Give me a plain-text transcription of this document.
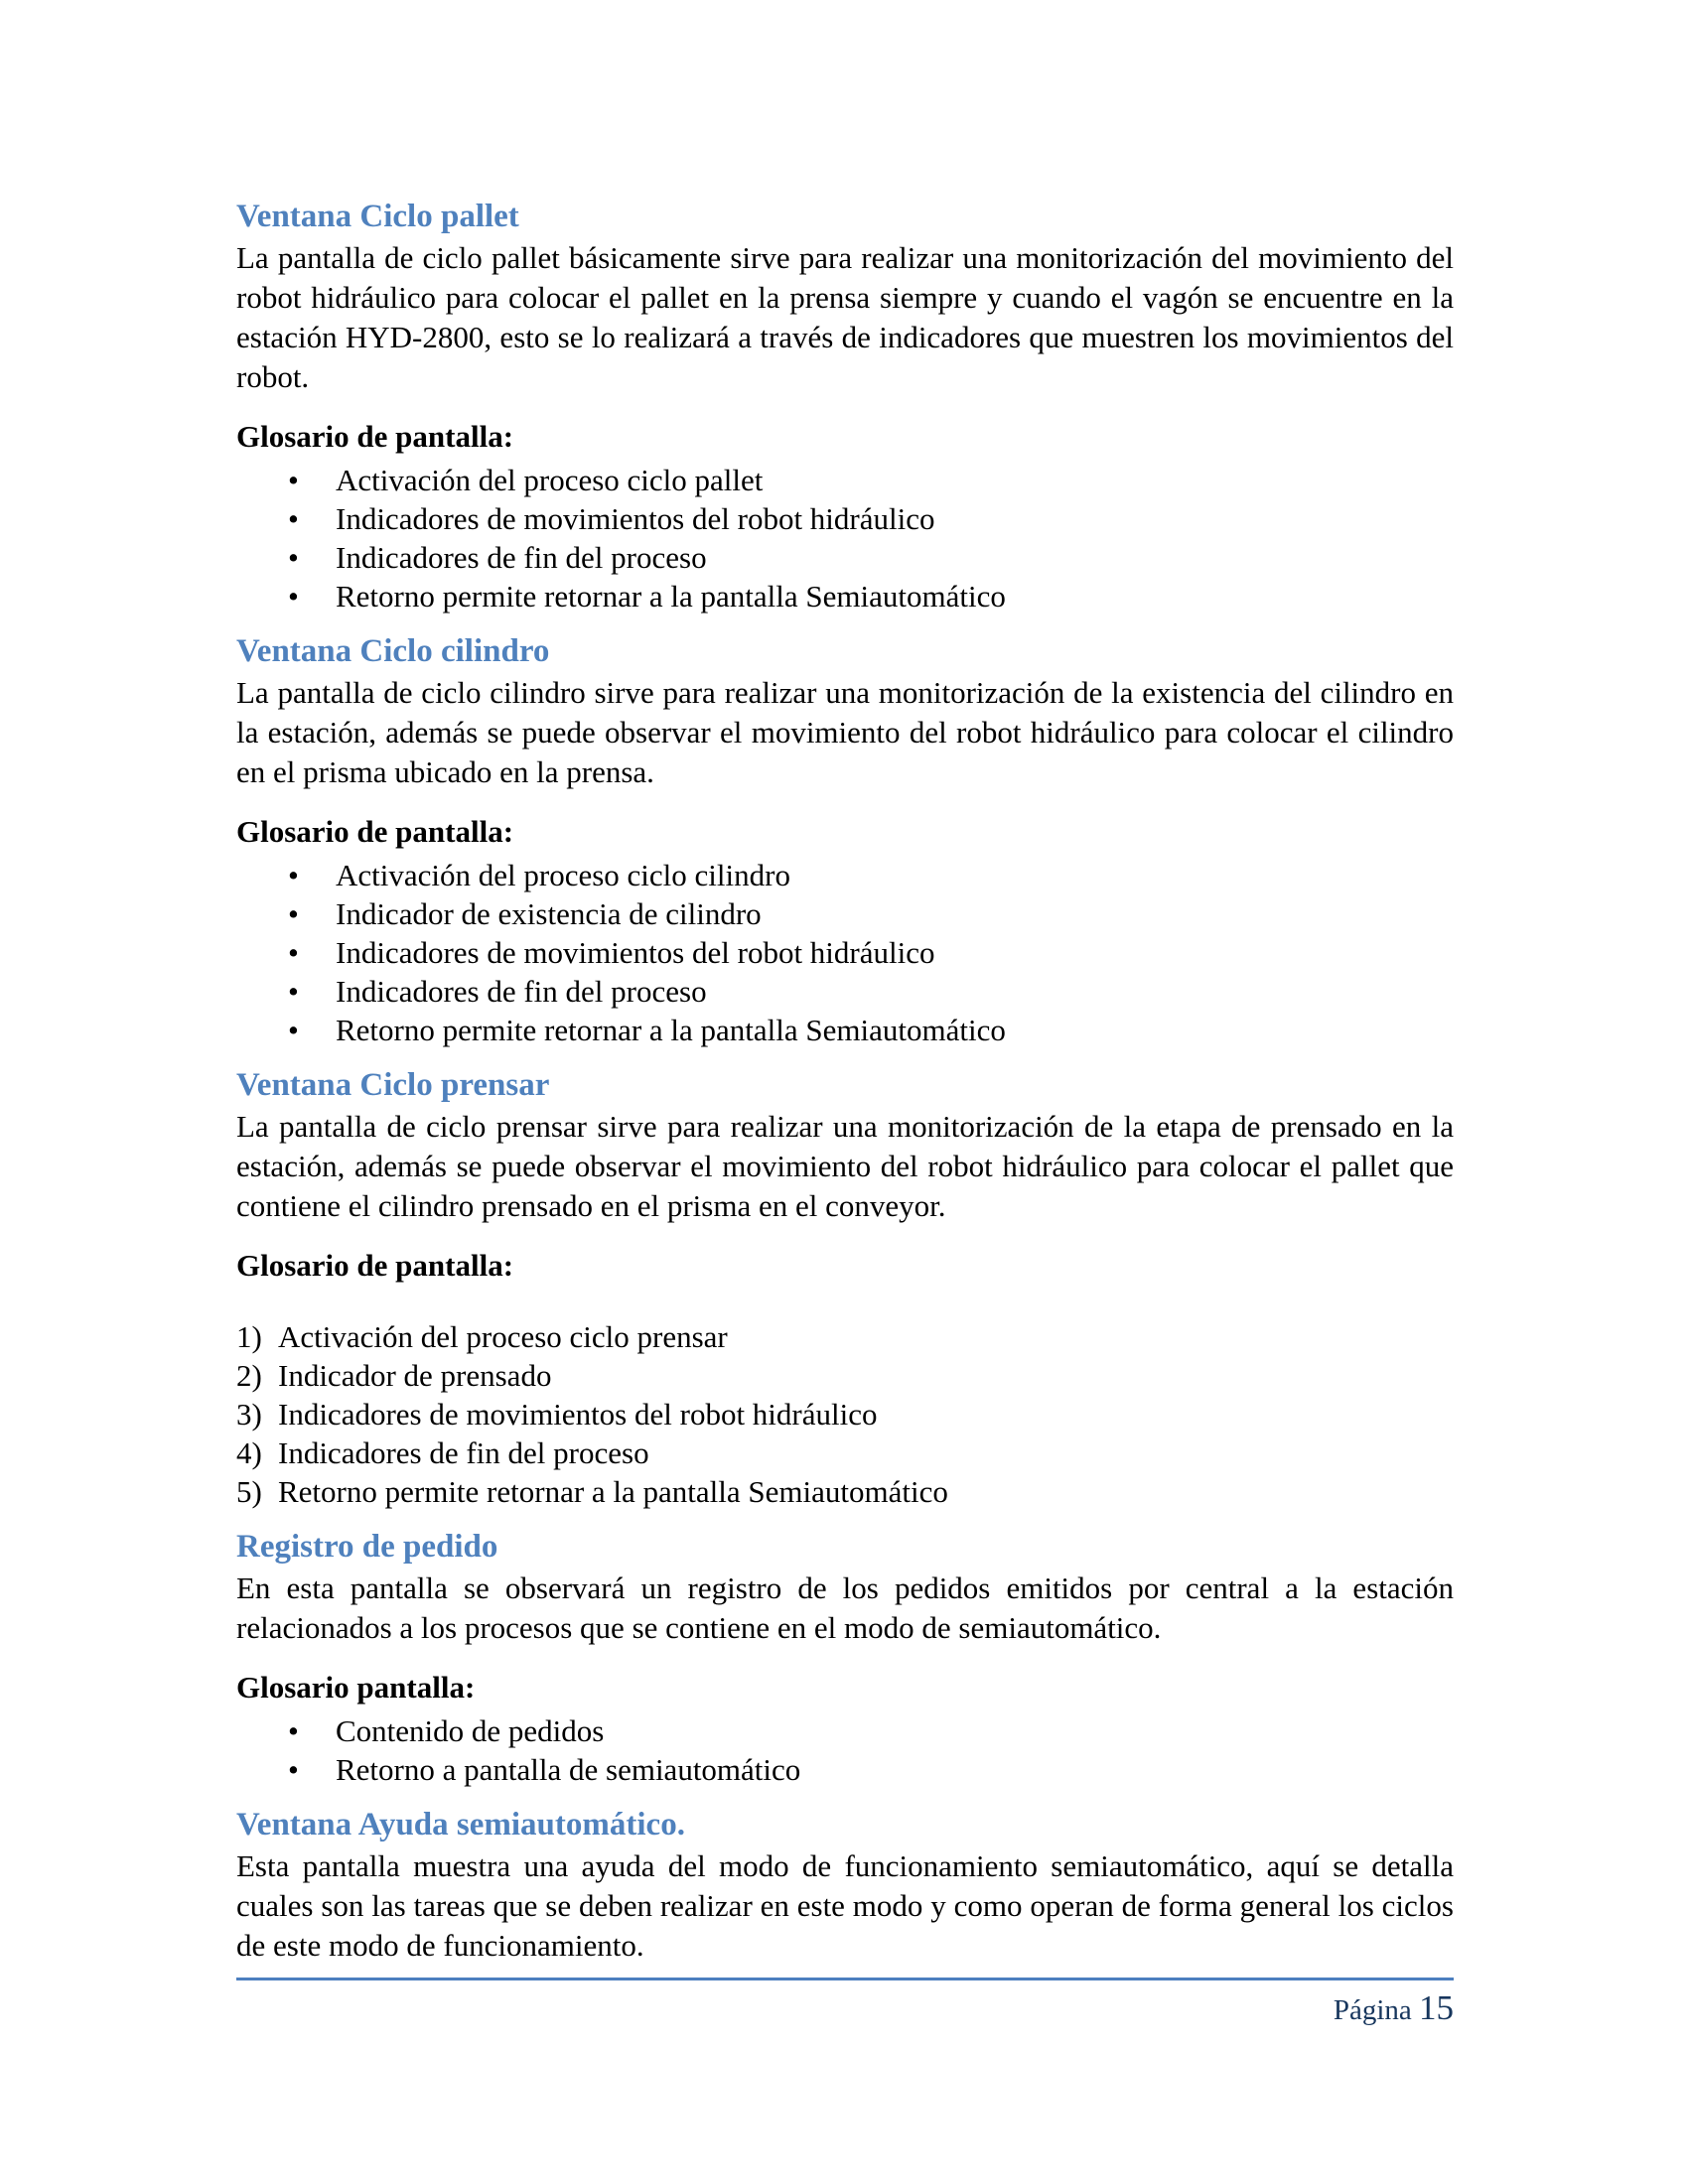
Ventana Ciclo pallet

La pantalla de ciclo pallet básicamente sirve para realizar una monitorización del movimiento del robot hidráulico para colocar el pallet en la prensa siempre y cuando el vagón se encuentre en la estación HYD-2800, esto se lo realizará a través de indicadores que muestren los movimientos del robot.

Glosario de pantalla:

• Activación del proceso ciclo pallet
• Indicadores de movimientos del robot hidráulico
• Indicadores de fin del proceso
• Retorno permite retornar a la pantalla Semiautomático
Ventana Ciclo cilindro

La pantalla de ciclo cilindro sirve para realizar una monitorización de la existencia del cilindro en la estación, además se puede observar el movimiento del robot hidráulico para colocar el cilindro en el prisma ubicado en la prensa.

Glosario de pantalla:

• Activación del proceso ciclo cilindro
• Indicador de existencia de cilindro
• Indicadores de movimientos del robot hidráulico
• Indicadores de fin del proceso
• Retorno permite retornar a la pantalla Semiautomático
Ventana Ciclo prensar

La pantalla de ciclo prensar sirve para realizar una monitorización de la etapa de prensado en la estación, además se puede observar el movimiento del robot hidráulico para colocar el pallet que contiene el cilindro prensado en el prisma en el conveyor.

Glosario de pantalla:

1) Activación del proceso ciclo prensar
2) Indicador de prensado
3) Indicadores de movimientos del robot hidráulico
4) Indicadores de fin del proceso
5) Retorno permite retornar a la pantalla Semiautomático
Registro de pedido

En esta pantalla se observará un registro de los pedidos emitidos por central a la estación relacionados a los procesos que se contiene en el modo de semiautomático.

Glosario pantalla:

• Contenido de pedidos
• Retorno a pantalla de semiautomático
Ventana Ayuda semiautomático.

Esta pantalla muestra una ayuda del modo de funcionamiento semiautomático, aquí se detalla cuales son las tareas que se deben realizar en este modo y como operan de forma general los ciclos de este modo de funcionamiento.

Página 15
